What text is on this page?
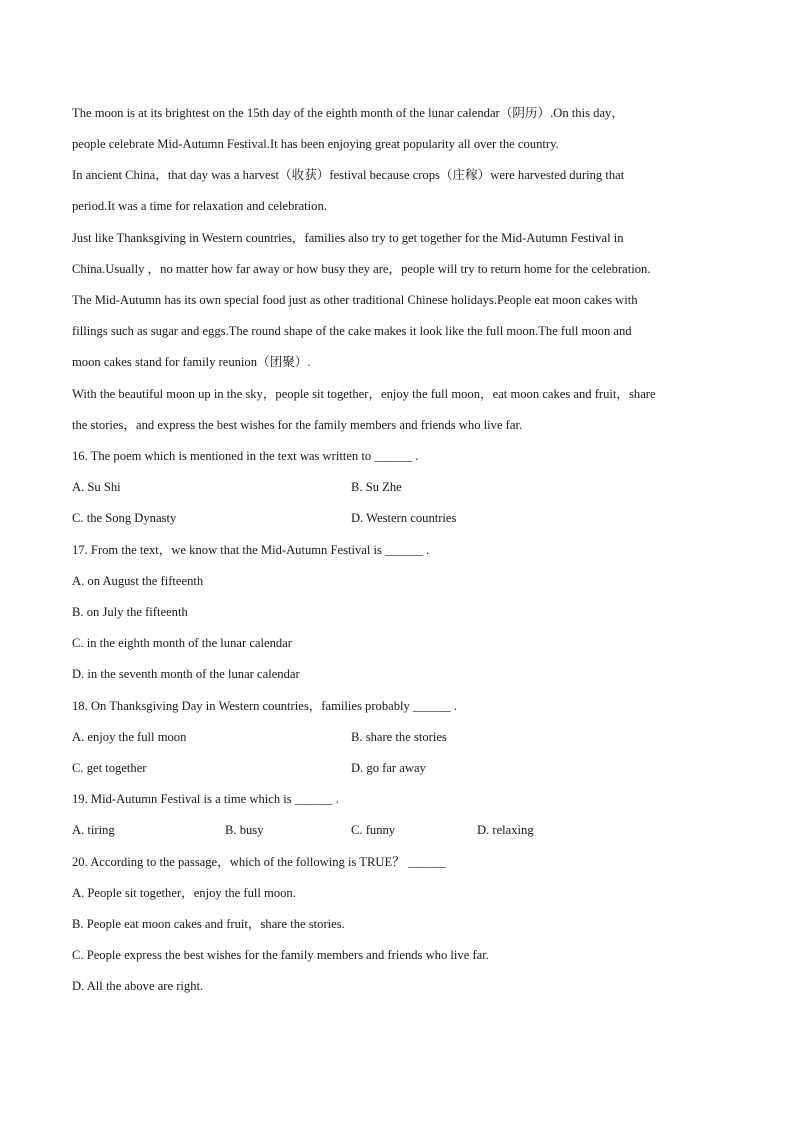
The moon is at its brightest on the 15th day of the eighth month of the lunar calendar（阴历）.On this day，
people celebrate Mid-Autumn Festival.It has been enjoying great popularity all over the country.
In ancient China，that day was a harvest（收获）festival because crops（庄稼）were harvested during that
period.It was a time for relaxation and celebration.
Just like Thanksgiving in Western countries，families also try to get together for the Mid-Autumn Festival in
China.Usually ，no matter how far away or how busy they are，people will try to return home for the celebration.
The Mid-Autumn has its own special food just as other traditional Chinese holidays.People eat moon cakes with
fillings such as sugar and eggs.The round shape of the cake makes it look like the full moon.The full moon and
moon cakes stand for family reunion（团聚）.
With the beautiful moon up in the sky，people sit together，enjoy the full moon，eat moon cakes and fruit，share
the stories，and express the best wishes for the family members and friends who live far.
16. The poem which is mentioned in the text was written to ______ .
A. Su Shi	B. Su Zhe
C. the Song Dynasty	D. Western countries
17. From the text，we know that the Mid-Autumn Festival is ______ .
A. on August the fifteenth
B. on July the fifteenth
C. in the eighth month of the lunar calendar
D. in the seventh month of the lunar calendar
18. On Thanksgiving Day in Western countries，families probably ______ .
A. enjoy the full moon	B. share the stories
C. get together	D. go far away
19. Mid-Autumn Festival is a time which is ______ .
A. tiring	B. busy	C. funny	D. relaxing
20. According to the passage，which of the following is TRUE？ ______
A. People sit together，enjoy the full moon.
B. People eat moon cakes and fruit，share the stories.
C. People express the best wishes for the family members and friends who live far.
D. All the above are right.
